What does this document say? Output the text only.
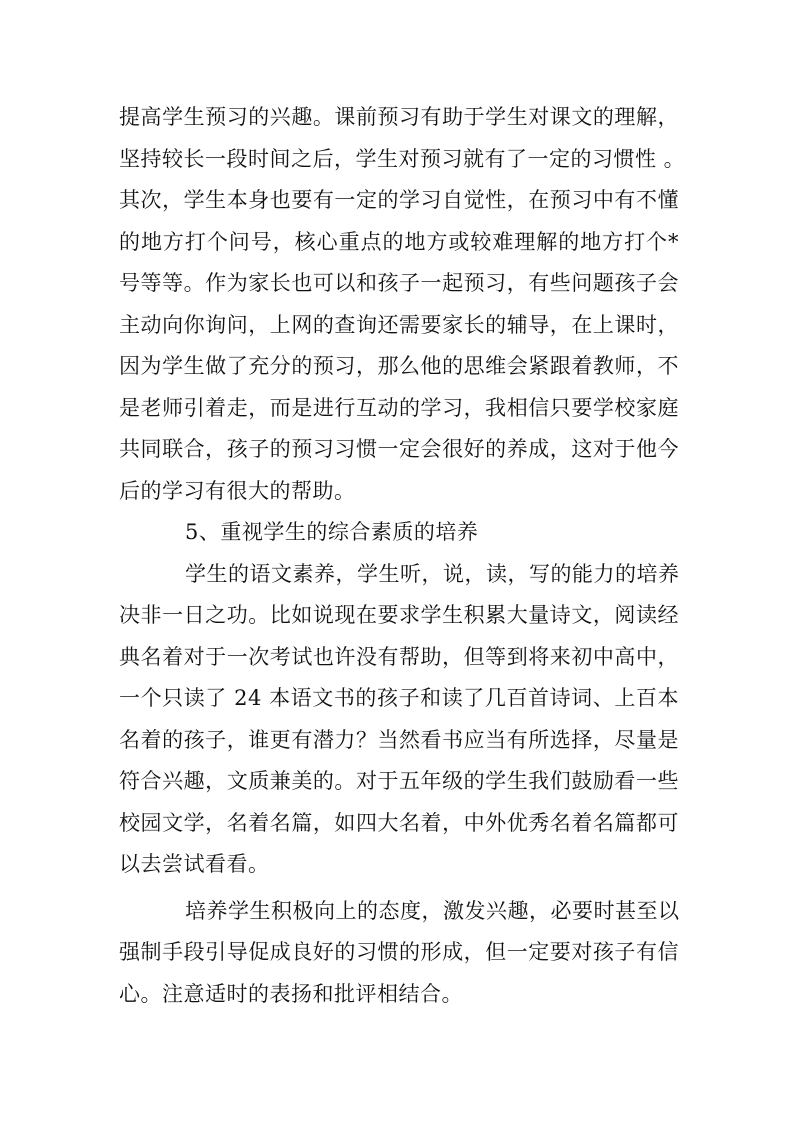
提高学生预习的兴趣。课前预习有助于学生对课文的理解，
坚持较长一段时间之后，学生对预习就有了一定的习惯性 。
其次，学生本身也要有一定的学习自觉性，在预习中有不懂
的地方打个问号，核心重点的地方或较难理解的地方打个*
号等等。作为家长也可以和孩子一起预习，有些问题孩子会
主动向你询问，上网的查询还需要家长的辅导，在上课时，
因为学生做了充分的预习，那么他的思维会紧跟着教师，不
是老师引着走，而是进行互动的学习，我相信只要学校家庭
共同联合，孩子的预习习惯一定会很好的养成，这对于他今
后的学习有很大的帮助。
5、重视学生的综合素质的培养
学生的语文素养，学生听，说，读，写的能力的培养
决非一日之功。比如说现在要求学生积累大量诗文，阅读经
典名着对于一次考试也许没有帮助，但等到将来初中高中，
一个只读了 24 本语文书的孩子和读了几百首诗词、上百本
名着的孩子，谁更有潜力？当然看书应当有所选择，尽量是
符合兴趣，文质兼美的。对于五年级的学生我们鼓励看一些
校园文学，名着名篇，如四大名着，中外优秀名着名篇都可
以去尝试看看。
培养学生积极向上的态度，激发兴趣，必要时甚至以
强制手段引导促成良好的习惯的形成，但一定要对孩子有信
心。注意适时的表扬和批评相结合。
